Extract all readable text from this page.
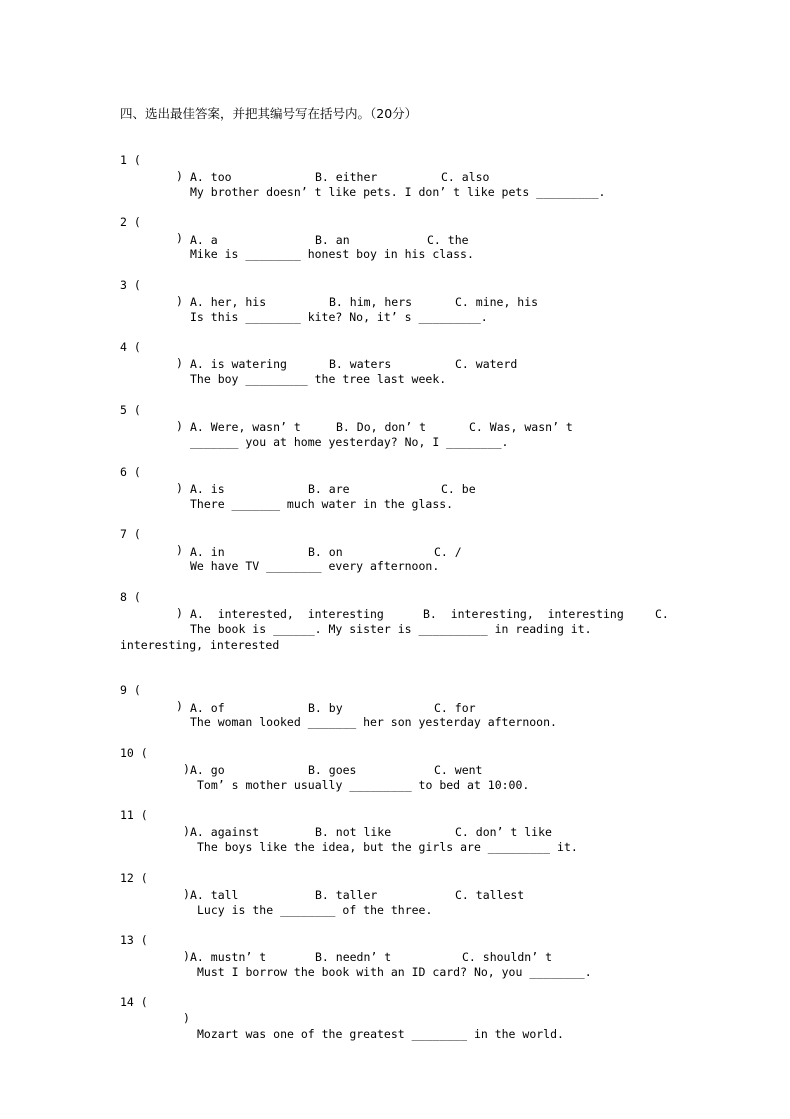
四、选出最佳答案，并把其编号写在括号内。（20分）

1 (

)

My brother doesn’ t like pets. I don’ t like pets _________.

A. too	B. either	C. also

2 (

)

Mike is ________ honest boy in his class.

A. a	B. an	C. the

3 (

)

Is this ________ kite? No, it’ s _________.

A. her, his	B. him, hers	C. mine, his

4 (

)

The boy _________ the tree last week.

A. is watering	B. waters	C. waterd

5 (

)

_______ you at home yesterday? No, I ________.

A. Were, wasn’ t	B. Do, don’ t	C. Was, wasn’ t

6 (

)

There _______ much water in the glass.

A. is	B. are	C. be

7 (

)

We have TV ________ every afternoon.

A. in	B. on	C. /

8 (

)

The book is ______. My sister is __________ in reading it.

A.  interested,  interesting	B.  interesting,  interesting	C.
interesting, interested

9 (

)

The woman looked _______ her son yesterday afternoon.

A. of	B. by	C. for

10 (

)

Tom’ s mother usually _________ to bed at 10:00.

A. go	B. goes	C. went

11 (

)

The boys like the idea, but the girls are _________ it.

A. against	B. not like	C. don’ t like

12 (

)

Lucy is the ________ of the three.

A. tall	B. taller	C. tallest

13 (

)

Must I borrow the book with an ID card? No, you ________.

A. mustn’ t	B. needn’ t	C. shouldn’ t

14 (

)

Mozart was one of the greatest ________ in the world.
